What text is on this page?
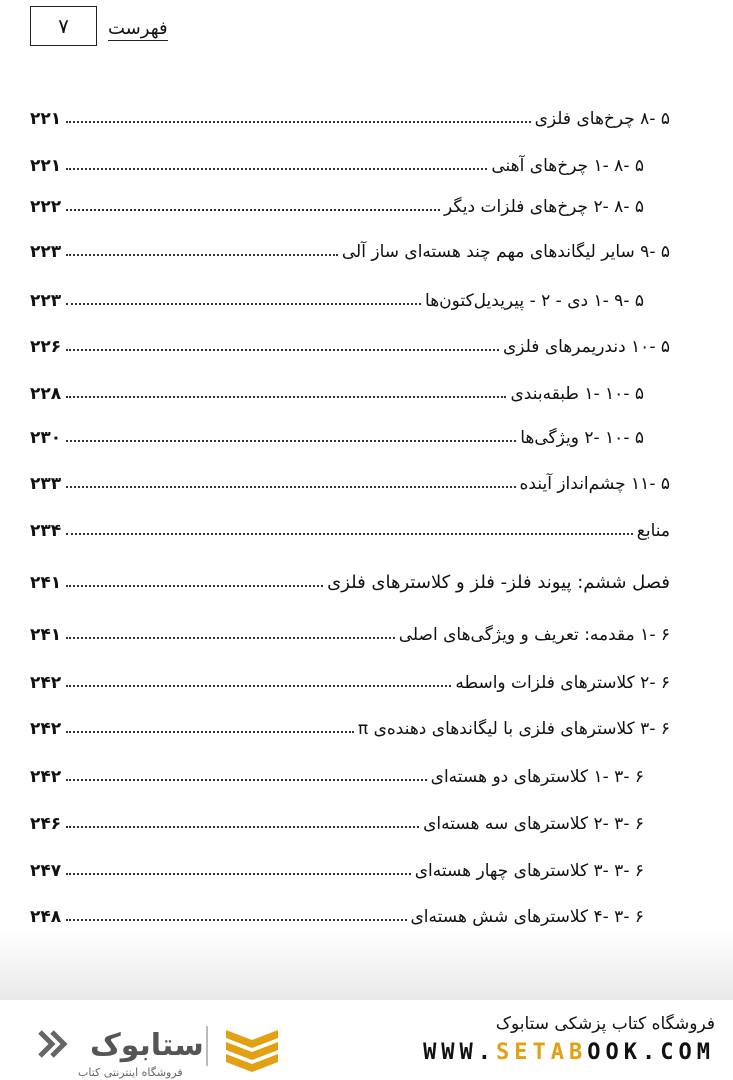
۷ فهرست
۵ -۸ چرخ‌های فلزی
۲۲۱
۵ -۸ -۱ چرخ‌های آهنی
۲۲۱
۵ -۸ -۲ چرخ‌های فلزات دیگر
۲۲۲
۵ -۹ سایر لیگاندهای مهم چند هسته‌ای ساز آلی
۲۲۳
۵ -۹ -۱ دی - ۲ - پیریدیل‌کتون‌ها
۲۲۳
۵ -۱۰ دندریمرهای فلزی
۲۲۶
۵ -۱۰ -۱ طبقه‌بندی
۲۲۸
۵ -۱۰ -۲ ویژگی‌ها
۲۳۰
۵ -۱۱ چشم‌انداز آینده
۲۳۳
منابع
۲۳۴
فصل ششم: پیوند فلز- فلز و کلاسترهای فلزی
۲۴۱
۶ -۱ مقدمه: تعریف و ویژگی‌های اصلی
۲۴۱
۶ -۲ کلاسترهای فلزات واسطه
۲۴۲
۶ -۳ کلاسترهای فلزی با لیگاندهای دهنده‌ی π
۲۴۲
۶ -۳ -۱ کلاسترهای دو هسته‌ای
۲۴۲
۶ -۳ -۲ کلاسترهای سه هسته‌ای
۲۴۶
۶ -۳ -۳ کلاسترهای چهار هسته‌ای
۲۴۷
۶ -۳ -۴ کلاسترهای شش هسته‌ای
۲۴۸
ستابوک
فروشگاه اینترنتی کتاب
فروشگاه کتاب پزشکی ستابوک
WWW.SETABOOK.COM
